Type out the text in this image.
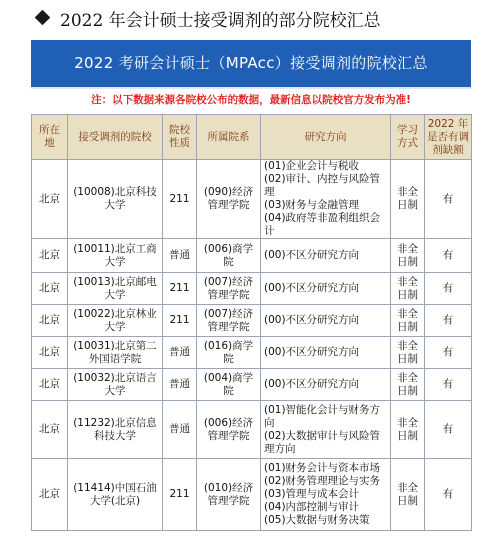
2022 年会计硕士接受调剂的部分院校汇总
2022 考研会计硕士（MPAcc）接受调剂的院校汇总
注：以下数据来源各院校公布的数据，最新信息以院校官方发布为准!
所在地	接受调剂的院校	院校性质	所属院系	研究方向	学习方式	2022 年是否有调剂缺额
北京	(10008)北京科技大学	211	(090)经济管理学院	(01)企业会计与税收
(02)审计、内控与风险管理
(03)财务与金融管理
(04)政府等非盈利组织会计	非全日制	有
北京	(10011)北京工商大学	普通	(006)商学院	(00)不区分研究方向	非全日制	有
北京	(10013)北京邮电大学	211	(007)经济管理学院	(00)不区分研究方向	非全日制	有
北京	(10022)北京林业大学	211	(007)经济管理学院	(00)不区分研究方向	非全日制	有
北京	(10031)北京第二外国语学院	普通	(016)商学院	(00)不区分研究方向	非全日制	有
北京	(10032)北京语言大学	普通	(004)商学院	(00)不区分研究方向	非全日制	有
北京	(11232)北京信息科技大学	普通	(006)经济管理学院	(01)智能化会计与财务方向
(02)大数据审计与风险管理方向	非全日制	有
北京	(11414)中国石油大学(北京)	211	(010)经济管理学院	(01)财务会计与资本市场
(02)财务管理理论与实务
(03)管理与成本会计
(04)内部控制与审计
(05)大数据与财务决策	非全日制	有
